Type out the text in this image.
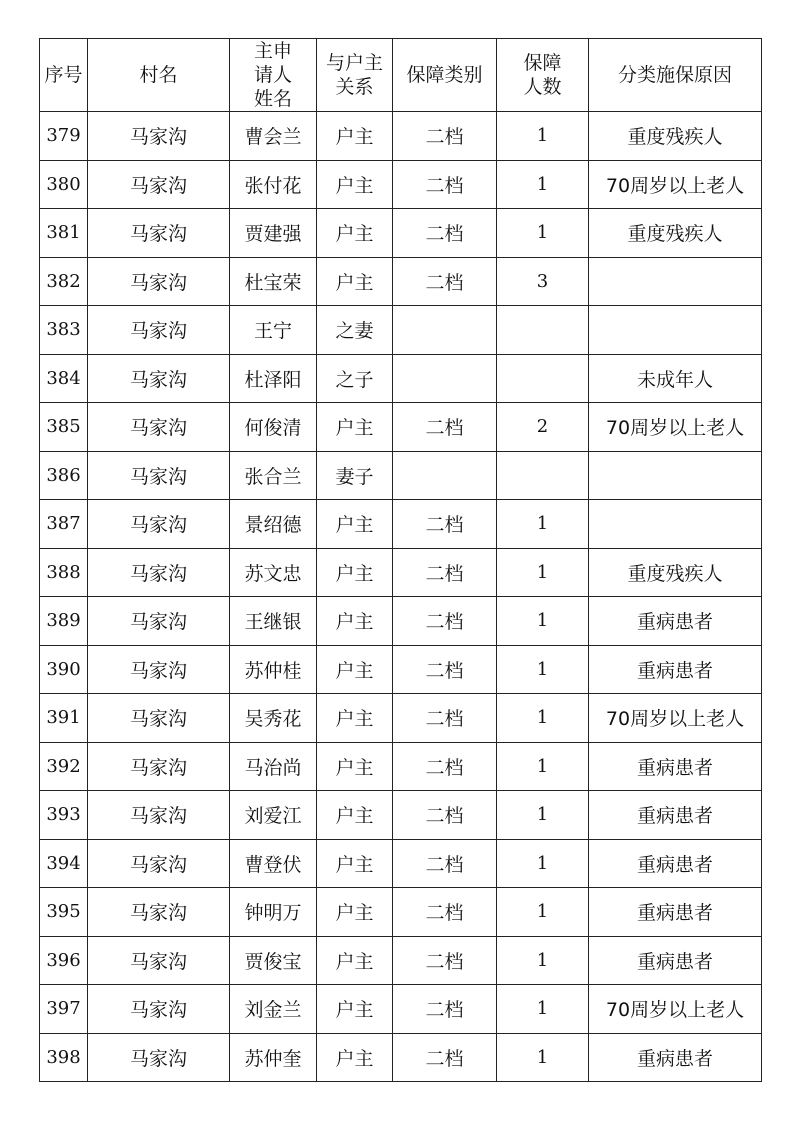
序号	村名	主申请人姓名	与户主关系	保障类别	保障人数	分类施保原因
379	马家沟	曹会兰	户主	二档	1	重度残疾人
380	马家沟	张付花	户主	二档	1	70周岁以上老人
381	马家沟	贾建强	户主	二档	1	重度残疾人
382	马家沟	杜宝荣	户主	二档	3	
383	马家沟	王宁	之妻			
384	马家沟	杜泽阳	之子			未成年人
385	马家沟	何俊清	户主	二档	2	70周岁以上老人
386	马家沟	张合兰	妻子			
387	马家沟	景绍德	户主	二档	1	
388	马家沟	苏文忠	户主	二档	1	重度残疾人
389	马家沟	王继银	户主	二档	1	重病患者
390	马家沟	苏仲桂	户主	二档	1	重病患者
391	马家沟	吴秀花	户主	二档	1	70周岁以上老人
392	马家沟	马治尚	户主	二档	1	重病患者
393	马家沟	刘爱江	户主	二档	1	重病患者
394	马家沟	曹登伏	户主	二档	1	重病患者
395	马家沟	钟明万	户主	二档	1	重病患者
396	马家沟	贾俊宝	户主	二档	1	重病患者
397	马家沟	刘金兰	户主	二档	1	70周岁以上老人
398	马家沟	苏仲奎	户主	二档	1	重病患者
